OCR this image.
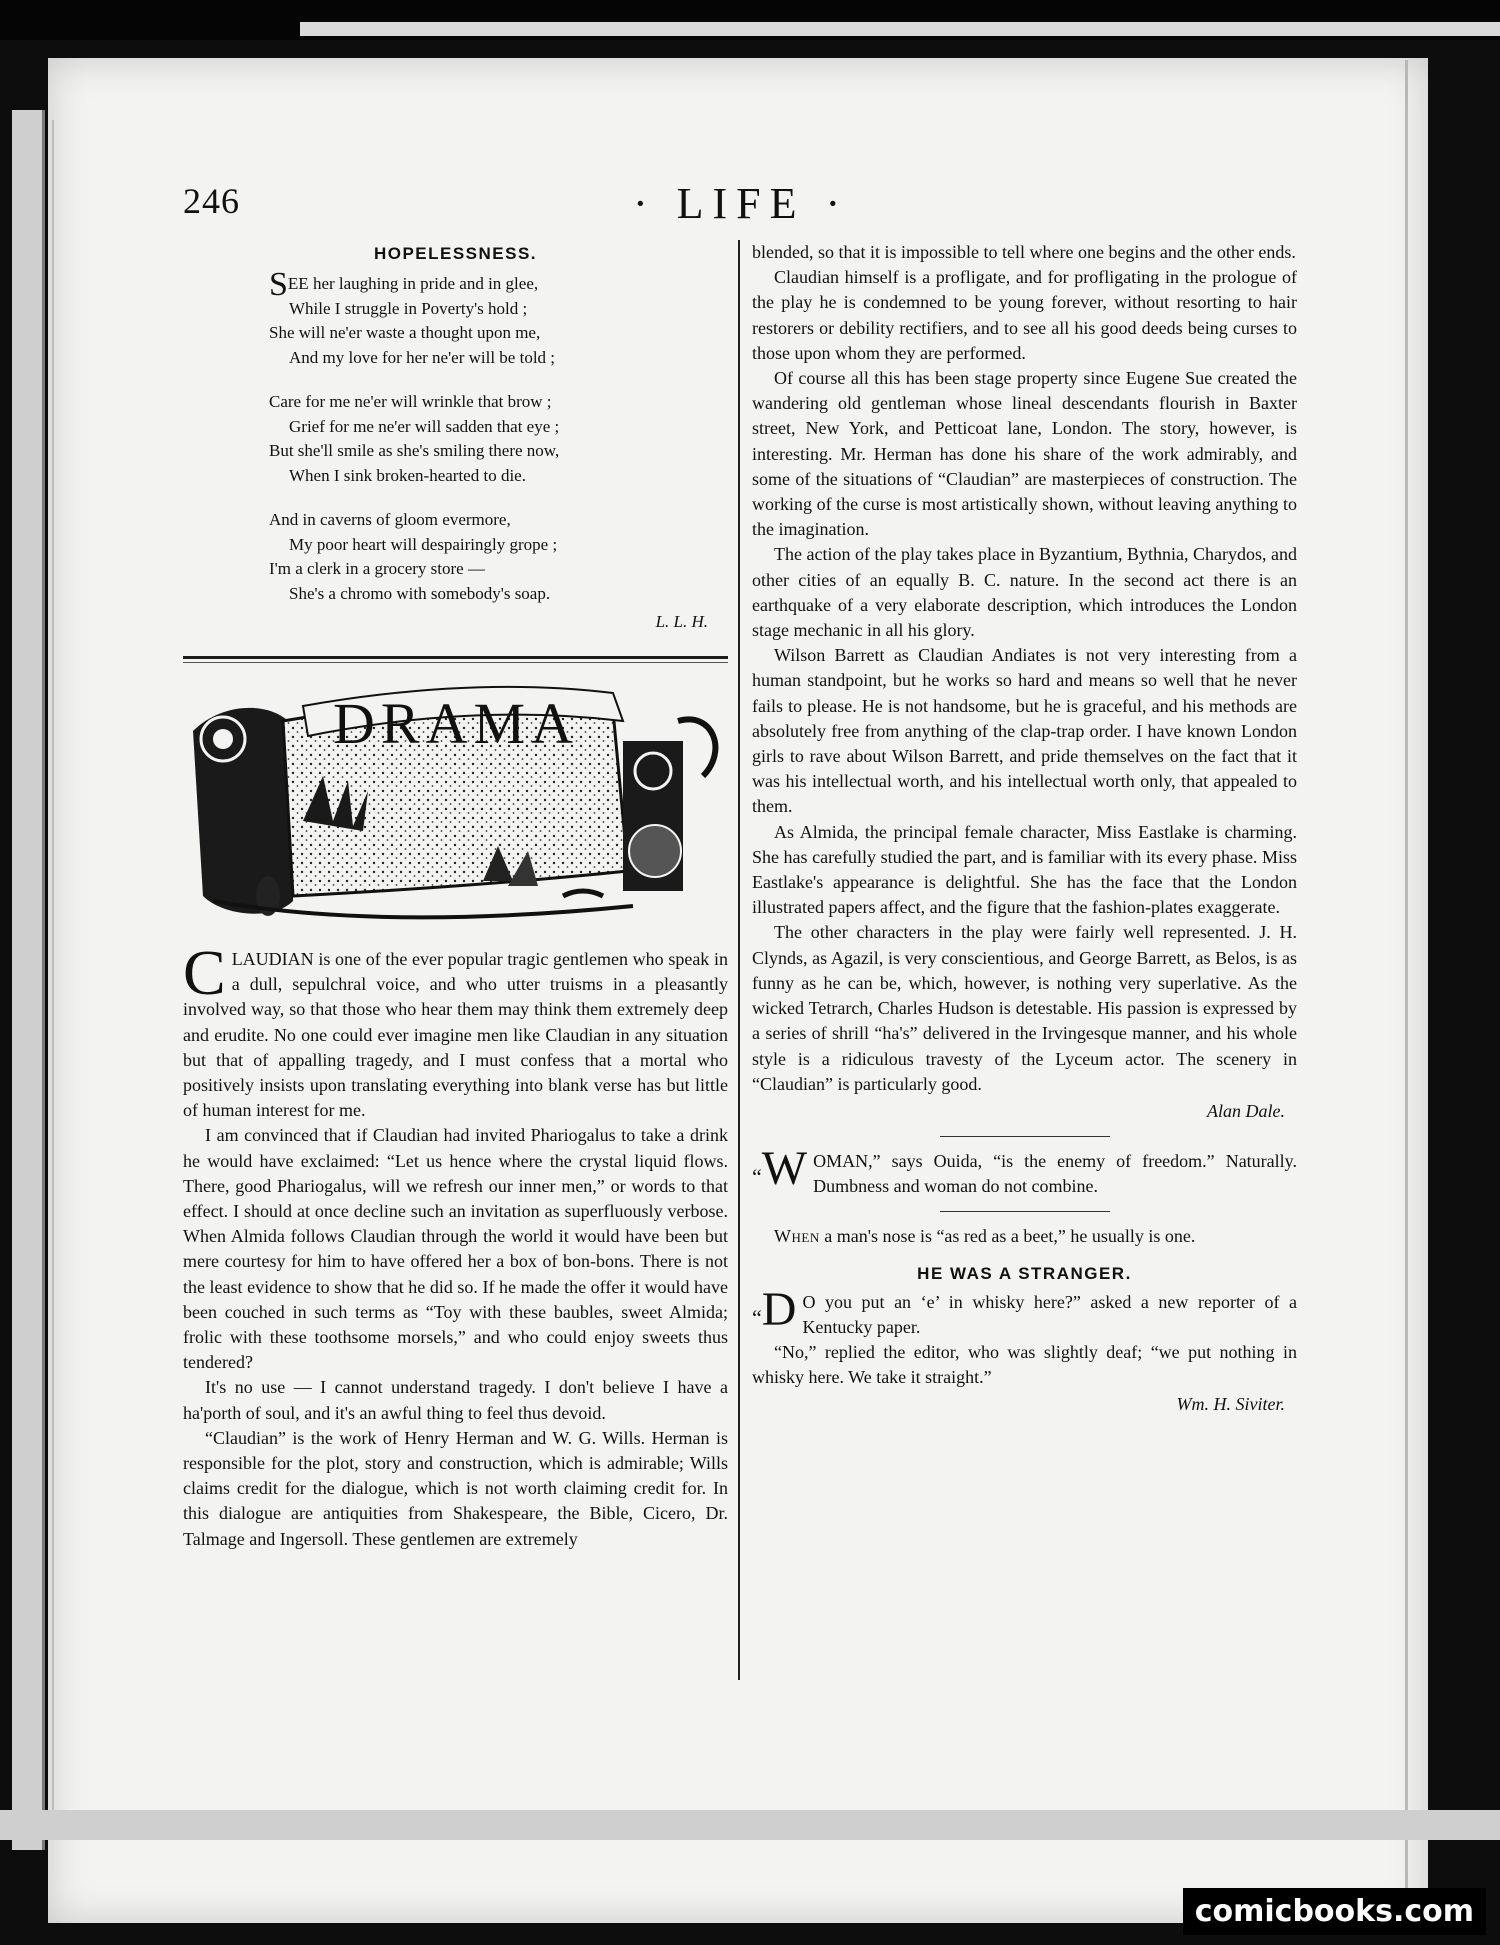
246	· LIFE ·
HOPELESSNESS.
SEE her laughing in pride and in glee,
While I struggle in Poverty's hold ;
She will ne'er waste a thought upon me,
And my love for her ne'er will be told ;
Care for me ne'er will wrinkle that brow ;
Grief for me ne'er will sadden that eye ;
But she'll smile as she's smiling there now,
When I sink broken-hearted to die.
And in caverns of gloom evermore,
My poor heart will despairingly grope ;
I'm a clerk in a grocery store —
She's a chromo with somebody's soap.
L. L. H.
DRAMA

CLAUDIAN is one of the ever popular tragic gentlemen who speak in a dull, sepulchral voice, and who utter truisms in a pleasantly involved way, so that those who hear them may think them extremely deep and erudite. No one could ever imagine men like Claudian in any situation but that of appalling tragedy, and I must confess that a mortal who positively insists upon translating everything into blank verse has but little of human interest for me.

I am convinced that if Claudian had invited Phariogalus to take a drink he would have exclaimed: “Let us hence where the crystal liquid flows. There, good Phariogalus, will we refresh our inner men,” or words to that effect. I should at once decline such an invitation as superfluously verbose. When Almida follows Claudian through the world it would have been but mere courtesy for him to have offered her a box of bon-bons. There is not the least evidence to show that he did so. If he made the offer it would have been couched in such terms as “Toy with these baubles, sweet Almida; frolic with these toothsome morsels,” and who could enjoy sweets thus tendered?

It's no use — I cannot understand tragedy. I don't believe I have a ha'porth of soul, and it's an awful thing to feel thus devoid.

“Claudian” is the work of Henry Herman and W. G. Wills. Herman is responsible for the plot, story and construction, which is admirable; Wills claims credit for the dialogue, which is not worth claiming credit for. In this dialogue are antiquities from Shakespeare, the Bible, Cicero, Dr. Talmage and Ingersoll. These gentlemen are extremely

blended, so that it is impossible to tell where one begins and the other ends.

Claudian himself is a profligate, and for profligating in the prologue of the play he is condemned to be young forever, without resorting to hair restorers or debility rectifiers, and to see all his good deeds being curses to those upon whom they are performed.

Of course all this has been stage property since Eugene Sue created the wandering old gentleman whose lineal descendants flourish in Baxter street, New York, and Petticoat lane, London. The story, however, is interesting. Mr. Herman has done his share of the work admirably, and some of the situations of “Claudian” are masterpieces of construction. The working of the curse is most artistically shown, without leaving anything to the imagination.

The action of the play takes place in Byzantium, Bythnia, Charydos, and other cities of an equally B. C. nature. In the second act there is an earthquake of a very elaborate description, which introduces the London stage mechanic in all his glory.

Wilson Barrett as Claudian Andiates is not very interesting from a human standpoint, but he works so hard and means so well that he never fails to please. He is not handsome, but he is graceful, and his methods are absolutely free from anything of the clap-trap order. I have known London girls to rave about Wilson Barrett, and pride themselves on the fact that it was his intellectual worth, and his intellectual worth only, that appealed to them.

As Almida, the principal female character, Miss Eastlake is charming. She has carefully studied the part, and is familiar with its every phase. Miss Eastlake's appearance is delightful. She has the face that the London illustrated papers affect, and the figure that the fashion-plates exaggerate.

The other characters in the play were fairly well represented. J. H. Clynds, as Agazil, is very conscientious, and George Barrett, as Belos, is as funny as he can be, which, however, is nothing very superlative. As the wicked Tetrarch, Charles Hudson is detestable. His passion is expressed by a series of shrill “ha's” delivered in the Irvingesque manner, and his whole style is a ridiculous travesty of the Lyceum actor. The scenery in “Claudian” is particularly good.

Alan Dale.

“W OMAN,” says Ouida, “is the enemy of freedom.” Naturally. Dumbness and woman do not combine.

When a man's nose is “as red as a beet,” he usually is one.

HE WAS A STRANGER.

“D O you put an ‘e’ in whisky here?” asked a new reporter of a Kentucky paper.

“No,” replied the editor, who was slightly deaf; “we put nothing in whisky here. We take it straight.”

Wm. H. Siviter.
comicbooks.com
